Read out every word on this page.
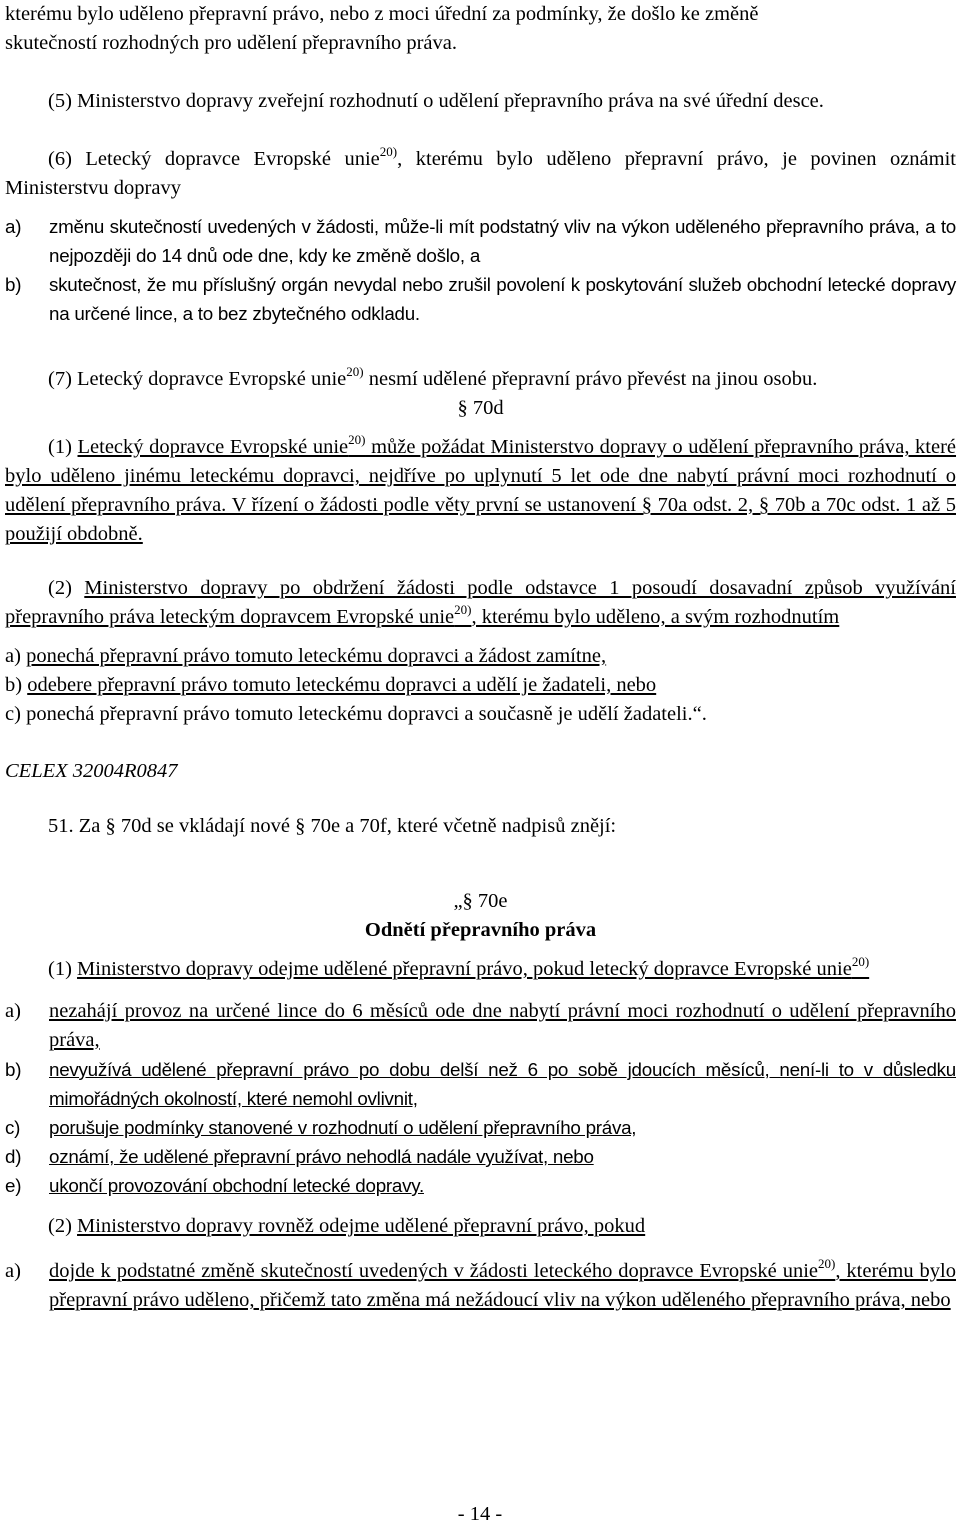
kterému bylo uděleno přepravní právo, nebo z moci úřední za podmínky, že došlo ke změně
skutečností rozhodných pro udělení přepravního práva.

(5) Ministerstvo dopravy zveřejní rozhodnutí o udělení přepravního práva na své úřední desce.

(6) Letecký dopravce Evropské unie$^{20)}$, kterému bylo uděleno přepravní právo, je povinen oznámit Ministerstvu dopravy

a) změnu skutečností uvedených v žádosti, může-li mít podstatný vliv na výkon uděleného přepravního práva, a to nejpozději do 14 dnů ode dne, kdy ke změně došlo, a
b) skutečnost, že mu příslušný orgán nevydal nebo zrušil povolení k poskytování služeb obchodní letecké dopravy na určené lince, a to bez zbytečného odkladu.

(7) Letecký dopravce Evropské unie$^{20)}$ nesmí udělené přepravní právo převést na jinou osobu.

§ 70d

(1) Letecký dopravce Evropské unie$^{20)}$ může požádat Ministerstvo dopravy o udělení přepravního práva, které bylo uděleno jinému leteckému dopravci, nejdříve po uplynutí 5 let ode dne nabytí právní moci rozhodnutí o udělení přepravního práva. V řízení o žádosti podle věty první se ustanovení § 70a odst. 2, § 70b a 70c odst. 1 až 5 použijí obdobně.

(2) Ministerstvo dopravy po obdržení žádosti podle odstavce 1 posoudí dosavadní způsob využívání přepravního práva leteckým dopravcem Evropské unie$^{20)}$, kterému bylo uděleno, a svým rozhodnutím

a) ponechá přepravní právo tomuto leteckému dopravci a žádost zamítne,

b) odebere přepravní právo tomuto leteckému dopravci a udělí je žadateli, nebo

c) ponechá přepravní právo tomuto leteckému dopravci a současně je udělí žadateli.“.

CELEX 32004R0847

51. Za § 70d se vkládají nové § 70e a 70f, které včetně nadpisů znějí:

„§ 70e

Odnětí přepravního práva

(1) Ministerstvo dopravy odejme udělené přepravní právo, pokud letecký dopravce Evropské unie$^{20)}$

a) nezahájí provoz na určené lince do 6 měsíců ode dne nabytí právní moci rozhodnutí o udělení přepravního práva,
b) nevyužívá udělené přepravní právo po dobu delší než 6 po sobě jdoucích měsíců, není-li to v důsledku mimořádných okolností, které nemohl ovlivnit,
c) porušuje podmínky stanovené v rozhodnutí o udělení přepravního práva,
d) oznámí, že udělené přepravní právo nehodlá nadále využívat, nebo
e) ukončí provozování obchodní letecké dopravy.

(2) Ministerstvo dopravy rovněž odejme udělené přepravní právo, pokud

a) dojde k podstatné změně skutečností uvedených v žádosti leteckého dopravce Evropské unie$^{20)}$, kterému bylo přepravní právo uděleno, přičemž tato změna má nežádoucí vliv na výkon uděleného přepravního práva, nebo
- 14 -
